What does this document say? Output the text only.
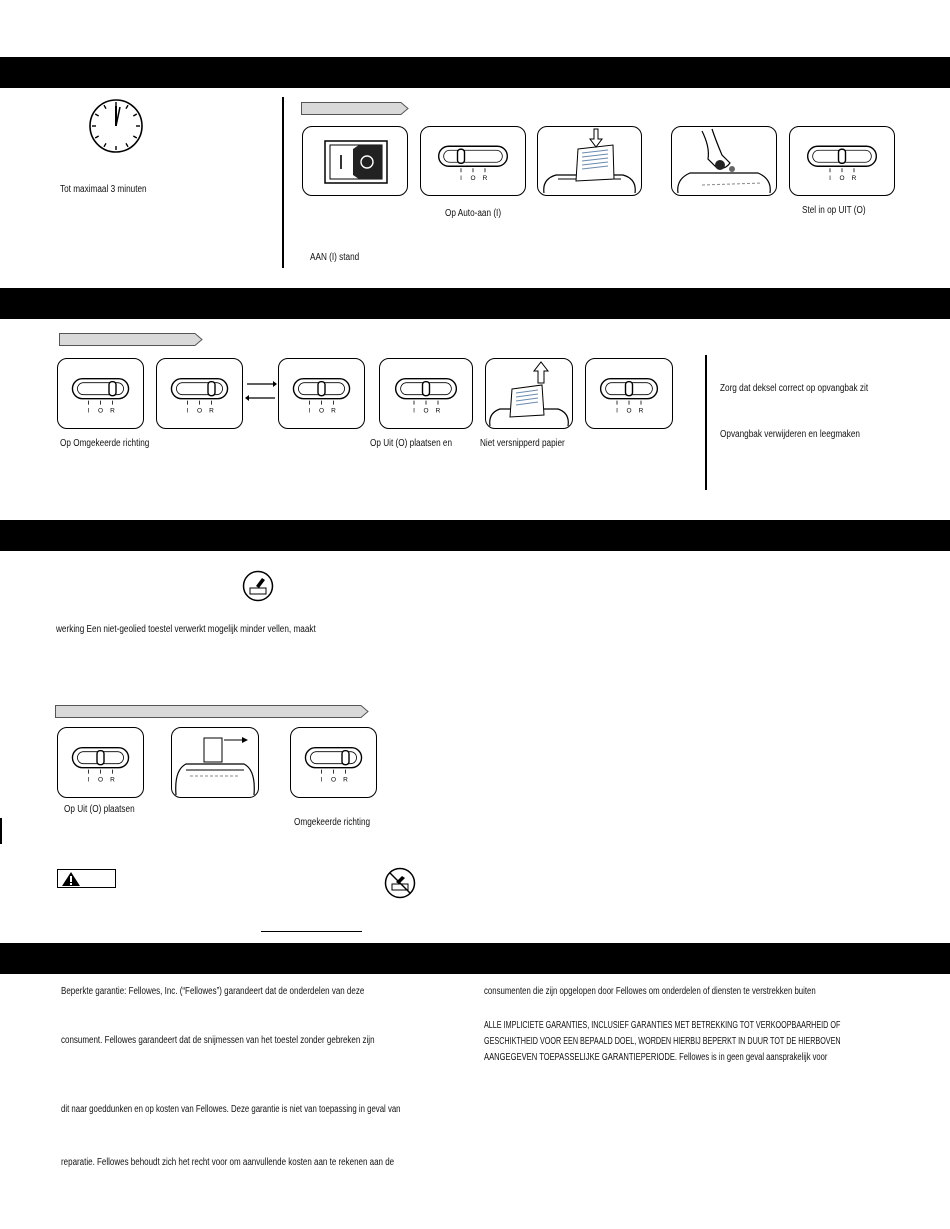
Tot maximaal 3 minuten
I O R	I O R
Op Auto-aan (I)	Stel in op UIT (O)
AAN (I) stand
I O R	I O R	I O R	I O R	I O R
Op Omgekeerde richting	Op Uit (O) plaatsen en	Niet versnipperd papier
Zorg dat deksel correct op opvangbak zit
Opvangbak verwijderen en leegmaken
werking Een niet-geolied toestel verwerkt mogelijk minder vellen, maakt
I O R	I O R
Op Uit (O) plaatsen
Omgekeerde richting
Beperkte garantie: Fellowes, Inc. (“Fellowes”) garandeert dat de onderdelen van deze
consument. Fellowes garandeert dat de snijmessen van het toestel zonder gebreken zijn
dit naar goeddunken en op kosten van Fellowes. Deze garantie is niet van toepassing in geval van
reparatie. Fellowes behoudt zich het recht voor om aanvullende kosten aan te rekenen aan de
consumenten die zijn opgelopen door Fellowes om onderdelen of diensten te verstrekken buiten
ALLE IMPLICIETE GARANTIES, INCLUSIEF GARANTIES MET BETREKKING TOT VERKOOPBAARHEID OF
GESCHIKTHEID VOOR EEN BEPAALD DOEL, WORDEN HIERBIJ BEPERKT IN DUUR TOT DE HIERBOVEN
AANGEGEVEN TOEPASSELIJKE GARANTIEPERIODE. Fellowes is in geen geval aansprakelijk voor
